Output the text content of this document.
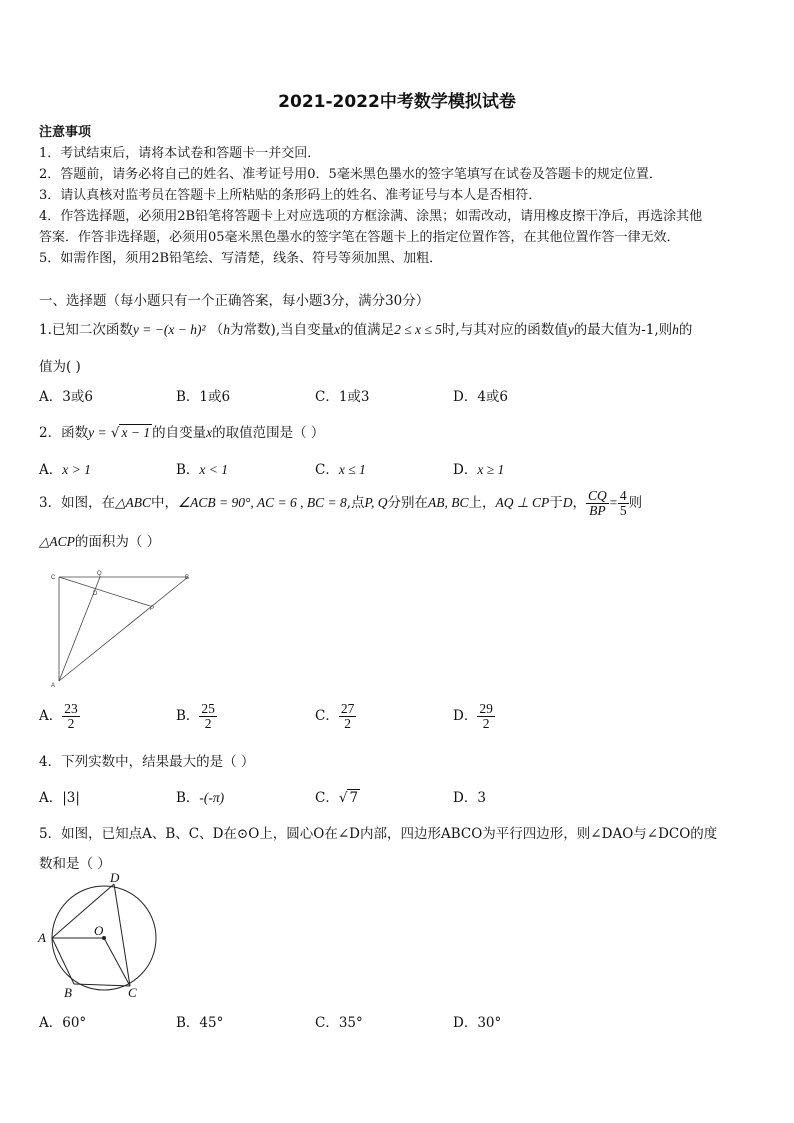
2021-2022中考数学模拟试卷
注意事项
1．考试结束后，请将本试卷和答题卡一并交回．
2．答题前，请务必将自己的姓名、准考证号用0．5毫米黑色墨水的签字笔填写在试卷及答题卡的规定位置．
3．请认真核对监考员在答题卡上所粘贴的条形码上的姓名、准考证号与本人是否相符．
4．作答选择题，必须用2B铅笔将答题卡上对应选项的方框涂满、涂黑；如需改动，请用橡皮擦干净后，再选涂其他
答案．作答非选择题，必须用05毫米黑色墨水的签字笔在答题卡上的指定位置作答，在其他位置作答一律无效．
5．如需作图，须用2B铅笔绘、写清楚，线条、符号等须加黑、加粗．
一、选择题（每小题只有一个正确答案，每小题3分，满分30分）
1.已知二次函数y = −(x − h)² （h为常数),当自变量x的值满足2 ≤ x ≤ 5时,与其对应的函数值y的最大值为-1,则h的
值为( )
A．3或6	B．1或6	C．1或3	D．4或6
2．函数y = √ x − 1 的自变量x的取值范围是（ ）
A．x > 1	B．x < 1	C．x ≤ 1	D．x ≥ 1
3．如图，在△ABC中，∠ACB = 90°, AC = 6 , BC = 8,点P, Q分别在AB, BC上，AQ ⊥ CP于D， $\frac{CQ}{BP} = \frac{4}{5}$ 则
△ACP的面积为（ ）
C
Q
B
D
P
A
A． $\frac{23}{2}$	B． $\frac{25}{2}$	C． $\frac{27}{2}$	D． $\frac{29}{2}$
4．下列实数中，结果最大的是（ ）
A．|3|	B．-(-π)	C．√ 7	D．3
5．如图，已知点A、B、C、D在⊙O上，圆心O在∠D内部，四边形ABCO为平行四边形，则∠DAO与∠DCO的度
数和是（ ）
A
B	C
D
O
A．60°	B．45°	C．35°	D．30°
